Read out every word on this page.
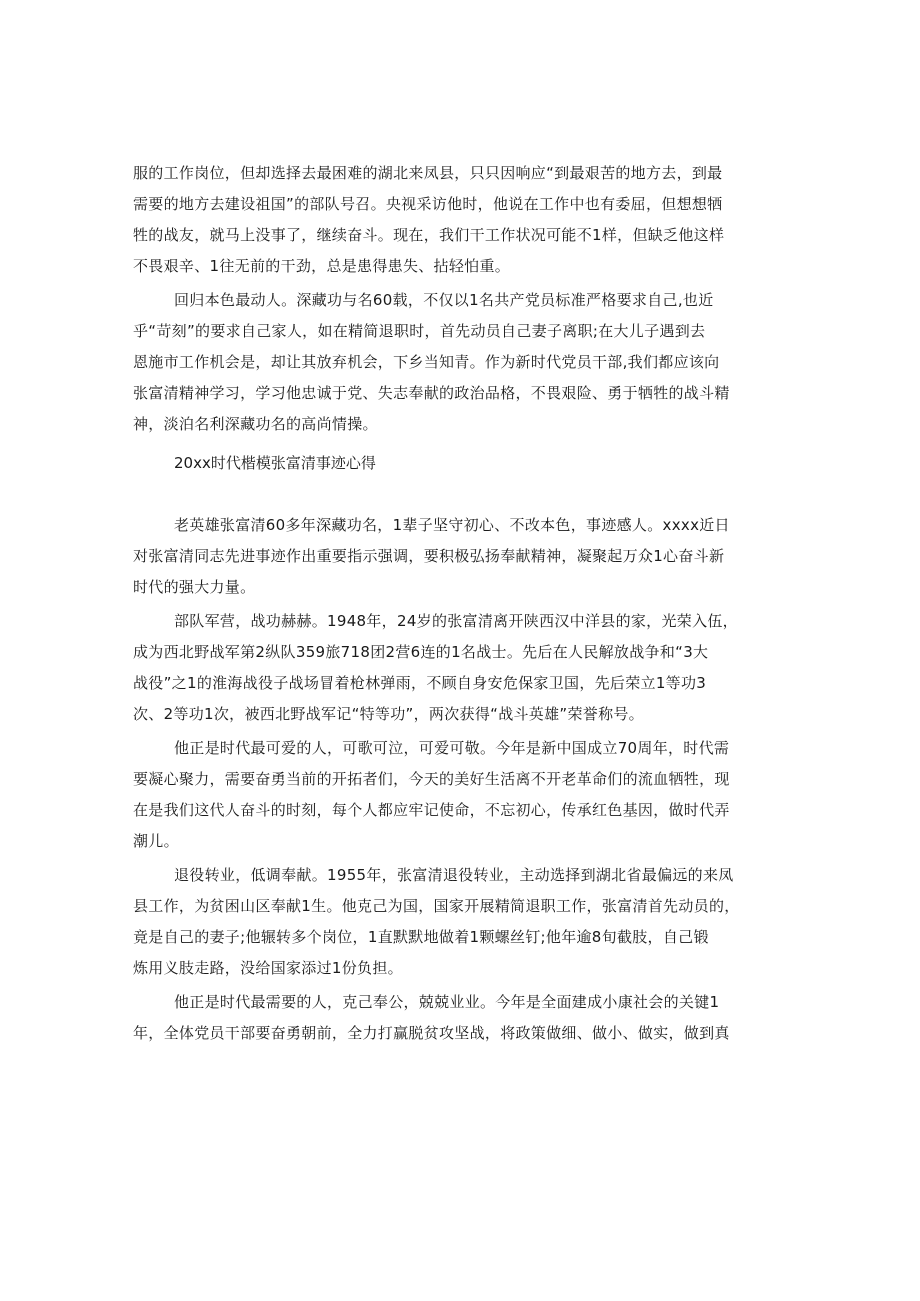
服的工作岗位，但却选择去最困难的湖北来凤县，只只因响应“到最艰苦的地方去，到最
需要的地方去建设祖国”的部队号召。央视采访他时，他说在工作中也有委屈，但想想牺
牲的战友，就马上没事了，继续奋斗。现在，我们干工作状况可能不1样，但缺乏他这样
不畏艰辛、1往无前的干劲，总是患得患失、拈轻怕重。

回归本色最动人。深藏功与名60载，不仅以1名共产党员标准严格要求自己,也近
乎“苛刻”的要求自己家人，如在精简退职时，首先动员自己妻子离职;在大儿子遇到去
恩施市工作机会是，却让其放弃机会，下乡当知青。作为新时代党员干部,我们都应该向
张富清精神学习，学习他忠诚于党、失志奉献的政治品格，不畏艰险、勇于牺牲的战斗精
神，淡泊名利深藏功名的高尚情操。

20xx时代楷模张富清事迹心得

老英雄张富清60多年深藏功名，1辈子坚守初心、不改本色，事迹感人。xxxx近日
对张富清同志先进事迹作出重要指示强调，要积极弘扬奉献精神，凝聚起万众1心奋斗新
时代的强大力量。

部队军营，战功赫赫。1948年，24岁的张富清离开陕西汉中洋县的家，光荣入伍，
成为西北野战军第2纵队359旅718团2营6连的1名战士。先后在人民解放战争和“3大
战役”之1的淮海战役子战场冒着枪林弹雨，不顾自身安危保家卫国，先后荣立1等功3
次、2等功1次，被西北野战军记“特等功”，两次获得“战斗英雄”荣誉称号。

他正是时代最可爱的人，可歌可泣，可爱可敬。今年是新中国成立70周年，时代需
要凝心聚力，需要奋勇当前的开拓者们，今天的美好生活离不开老革命们的流血牺牲，现
在是我们这代人奋斗的时刻，每个人都应牢记使命，不忘初心，传承红色基因，做时代弄
潮儿。

退役转业，低调奉献。1955年，张富清退役转业，主动选择到湖北省最偏远的来凤
县工作，为贫困山区奉献1生。他克己为国，国家开展精简退职工作，张富清首先动员的，
竟是自己的妻子;他辗转多个岗位，1直默默地做着1颗螺丝钉;他年逾8旬截肢，自己锻
炼用义肢走路，没给国家添过1份负担。

他正是时代最需要的人，克己奉公，兢兢业业。今年是全面建成小康社会的关键1
年，全体党员干部要奋勇朝前，全力打赢脱贫攻坚战，将政策做细、做小、做实，做到真
